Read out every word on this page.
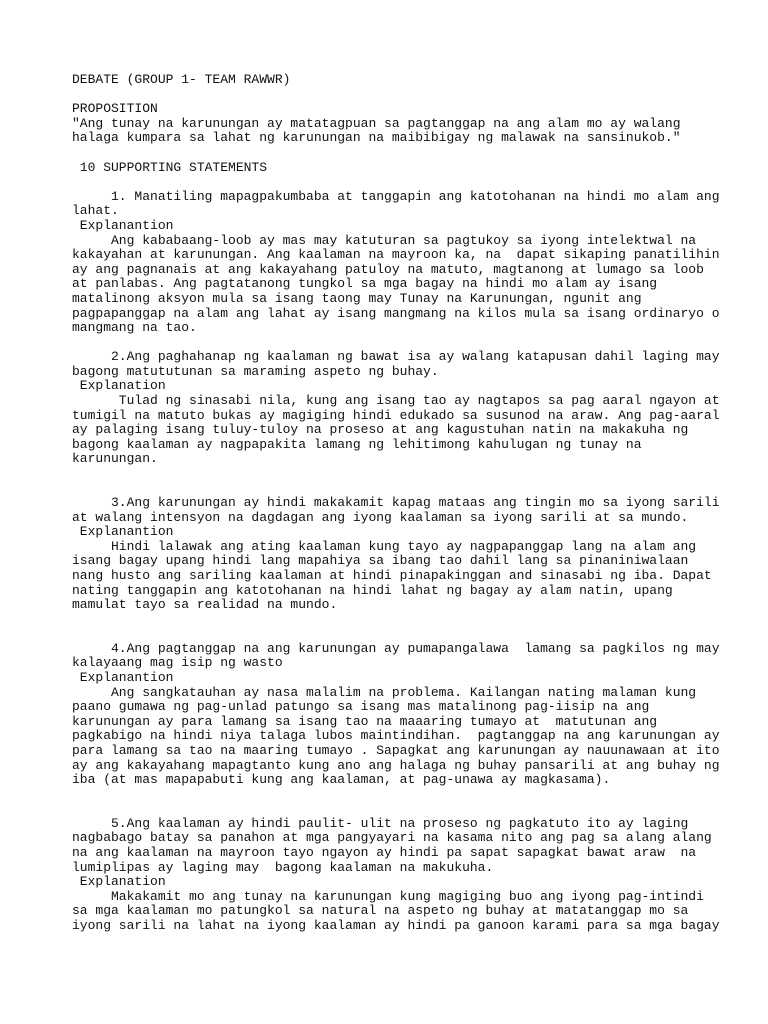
DEBATE (GROUP 1- TEAM RAWWR)
PROPOSITION
"Ang tunay na karunungan ay matatagpuan sa pagtanggap na ang alam mo ay walang
halaga kumpara sa lahat ng karunungan na maibibigay ng malawak na sansinukob."
10 SUPPORTING STATEMENTS
1. Manatiling mapagpakumbaba at tanggapin ang katotohanan na hindi mo alam ang
lahat.
Explanantion
Ang kababaang-loob ay mas may katuturan sa pagtukoy sa iyong intelektwal na
kakayahan at karunungan. Ang kaalaman na mayroon ka, na  dapat sikaping panatilihin
ay ang pagnanais at ang kakayahang patuloy na matuto, magtanong at lumago sa loob
at panlabas. Ang pagtatanong tungkol sa mga bagay na hindi mo alam ay isang
matalinong aksyon mula sa isang taong may Tunay na Karunungan, ngunit ang
pagpapanggap na alam ang lahat ay isang mangmang na kilos mula sa isang ordinaryo o
mangmang na tao.
2.Ang paghahanap ng kaalaman ng bawat isa ay walang katapusan dahil laging may
bagong matututunan sa maraming aspeto ng buhay.
Explanation
Tulad ng sinasabi nila, kung ang isang tao ay nagtapos sa pag aaral ngayon at
tumigil na matuto bukas ay magiging hindi edukado sa susunod na araw. Ang pag-aaral
ay palaging isang tuluy-tuloy na proseso at ang kagustuhan natin na makakuha ng
bagong kaalaman ay nagpapakita lamang ng lehitimong kahulugan ng tunay na
karunungan.
3.Ang karunungan ay hindi makakamit kapag mataas ang tingin mo sa iyong sarili
at walang intensyon na dagdagan ang iyong kaalaman sa iyong sarili at sa mundo.
Explanantion
Hindi lalawak ang ating kaalaman kung tayo ay nagpapanggap lang na alam ang
isang bagay upang hindi lang mapahiya sa ibang tao dahil lang sa pinaniniwalaan
nang husto ang sariling kaalaman at hindi pinapakinggan and sinasabi ng iba. Dapat
nating tanggapin ang katotohanan na hindi lahat ng bagay ay alam natin, upang
mamulat tayo sa realidad na mundo.
4.Ang pagtanggap na ang karunungan ay pumapangalawa  lamang sa pagkilos ng may
kalayaang mag isip ng wasto
Explanantion
Ang sangkatauhan ay nasa malalim na problema. Kailangan nating malaman kung
paano gumawa ng pag-unlad patungo sa isang mas matalinong pag-iisip na ang
karunungan ay para lamang sa isang tao na maaaring tumayo at  matutunan ang
pagkabigo na hindi niya talaga lubos maintindihan.  pagtanggap na ang karunungan ay
para lamang sa tao na maaring tumayo . Sapagkat ang karunungan ay nauunawaan at ito
ay ang kakayahang mapagtanto kung ano ang halaga ng buhay pansarili at ang buhay ng
iba (at mas mapapabuti kung ang kaalaman, at pag-unawa ay magkasama).
5.Ang kaalaman ay hindi paulit- ulit na proseso ng pagkatuto ito ay laging
nagbabago batay sa panahon at mga pangyayari na kasama nito ang pag sa alang alang
na ang kaalaman na mayroon tayo ngayon ay hindi pa sapat sapagkat bawat araw  na
lumiplipas ay laging may  bagong kaalaman na makukuha.
Explanation
Makakamit mo ang tunay na karunungan kung magiging buo ang iyong pag-intindi
sa mga kaalaman mo patungkol sa natural na aspeto ng buhay at matatanggap mo sa
iyong sarili na lahat na iyong kaalaman ay hindi pa ganoon karami para sa mga bagay
